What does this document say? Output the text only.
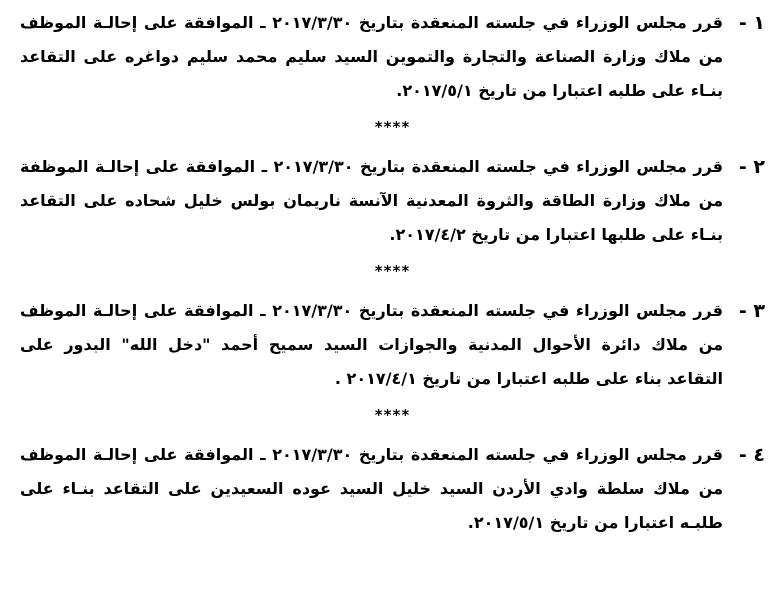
١ -
قرر مجلس الوزراء في جلسته المنعقدة بتاريخ ٢٠١٧/٣/٣٠ ـ الموافقة على إحالـة الموظف من ملاك وزارة الصناعة والتجارة والتموين السيد سليم محمد سليم دواغره على التقاعد بنـاء على طلبه اعتبارا من تاريخ ٢٠١٧/٥/١.
****
٢ -
قرر مجلس الوزراء في جلسته المنعقدة بتاريخ ٢٠١٧/٣/٣٠ ـ الموافقة على إحالـة الموظفة من ملاك وزارة الطاقة والثروة المعدنية الآنسة ناريمان بولس خليل شحاده على التقاعد بنـاء على طلبها اعتبارا من تاريخ ٢٠١٧/٤/٢.
****
٣ -
قرر مجلس الوزراء في جلسته المنعقدة بتاريخ ٢٠١٧/٣/٣٠ ـ الموافقة على إحالـة الموظف من ملاك دائرة الأحوال المدنية والجوازات السيد سميح أحمد "دخل الله" البدور على التقاعد بناء على طلبه اعتبارا من تاريخ ٢٠١٧/٤/١ .
****
٤ -
قرر مجلس الوزراء في جلسته المنعقدة بتاريخ ٢٠١٧/٣/٣٠ ـ الموافقة على إحالـة الموظف من ملاك سلطة وادي الأردن السيد خليل السيد عوده السعيدين على التقاعد بنـاء على طلبـه اعتبارا من تاريخ ٢٠١٧/٥/١.
